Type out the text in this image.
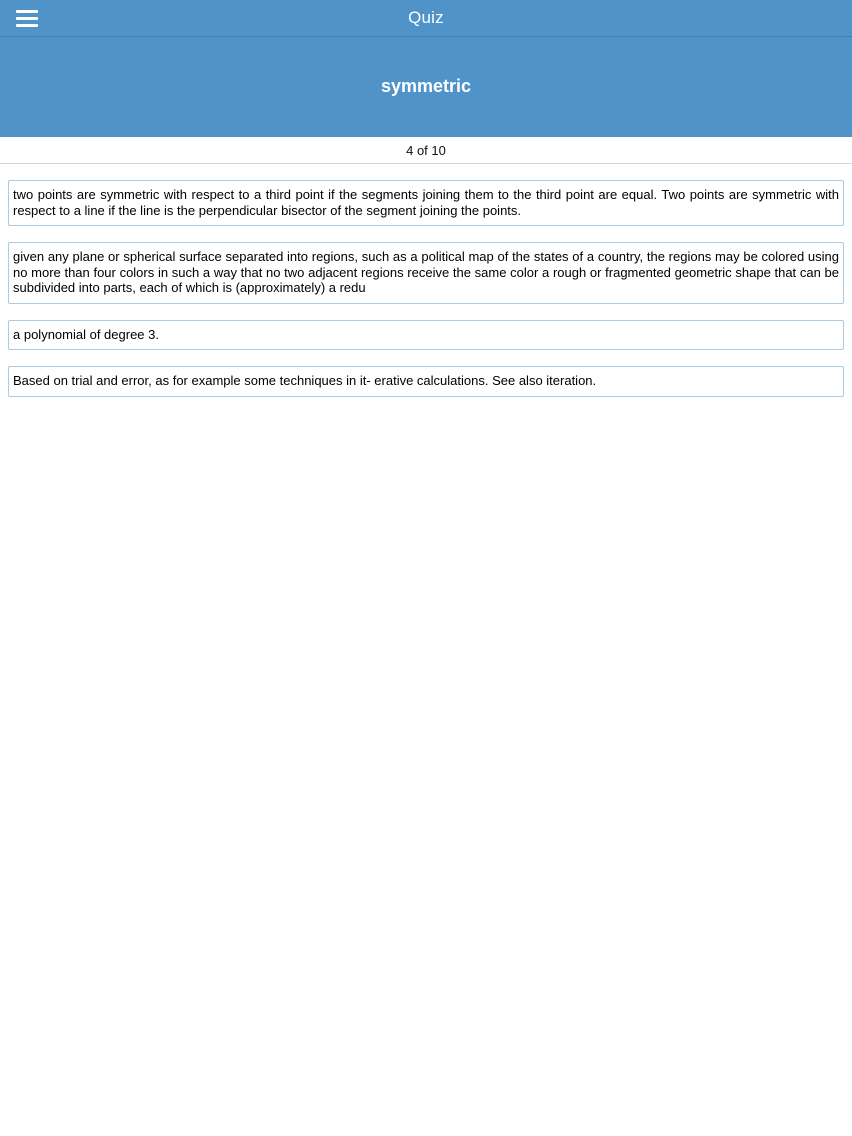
Quiz
symmetric
4 of 10
two points are symmetric with respect to a third point if the segments joining them to the third point are equal. Two points are symmetric with respect to a line if the line is the perpendicular bisector of the segment joining the points.
given any plane or spherical surface separated into regions, such as a political map of the states of a country, the regions may be colored using no more than four colors in such a way that no two adjacent regions receive the same color a rough or fragmented geometric shape that can be subdivided into parts, each of which is (approximately) a redu
a polynomial of degree 3.
Based on trial and error, as for example some techniques in it- erative calculations. See also iteration.
